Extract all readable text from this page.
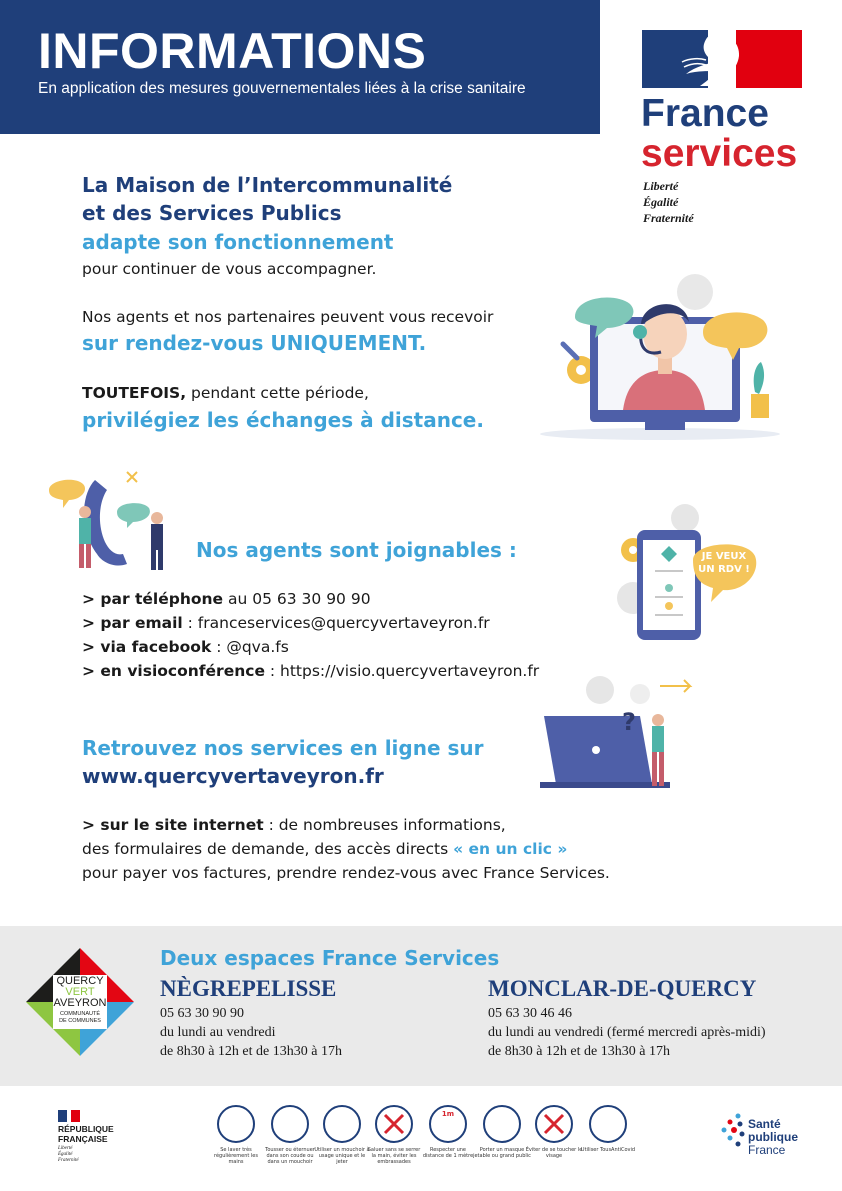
INFORMATIONS
En application des mesures gouvernementales liées à la crise sanitaire
France
services
Liberté
Égalité
Fraternité
La Maison de l’Intercommunalité
et des Services Publics
adapte son fonctionnement
pour continuer de vous accompagner.
Nos agents et nos partenaires peuvent vous recevoir
sur rendez-vous UNIQUEMENT.
TOUTEFOIS, pendant cette période,
privilégiez les échanges à distance.
Nos agents sont joignables :
> par téléphone au 05 63 30 90 90
> par email : franceservices@quercyvertaveyron.fr
> via facebook : @qva.fs
> en visioconférence : https://visio.quercyvertaveyron.fr
JE VEUX
UN RDV !
?
Retrouvez nos services en ligne sur
www.quercyvertaveyron.fr
> sur le site internet : de nombreuses informations,
des formulaires de demande, des accès directs « en un clic »
pour payer vos factures, prendre rendez-vous avec France Services.
QUERCY
VERT
AVEYRON
COMMUNAUTÉ
DE COMMUNES
Deux espaces France Services
NÈGREPELISSE
05 63 30 90 90
du lundi au vendredi
de 8h30 à 12h et de 13h30 à 17h
MONCLAR-DE-QUERCY
05 63 30 46 46
du lundi au vendredi (fermé mercredi après-midi)
de 8h30 à 12h et de 13h30 à 17h
RÉPUBLIQUE
FRANÇAISE
Liberté
Égalité
Fraternité
Se laver très régulièrement les mains
Tousser ou éternuer dans son coude ou dans un mouchoir
Utiliser un mouchoir à usage unique et le jeter
Saluer sans se serrer la main, éviter les embrassades
1m
Respecter une distance de 1 mètre
Porter un masque jetable ou grand public
Éviter de se toucher le visage
Utiliser TousAntiCovid
Santé
publique
France
